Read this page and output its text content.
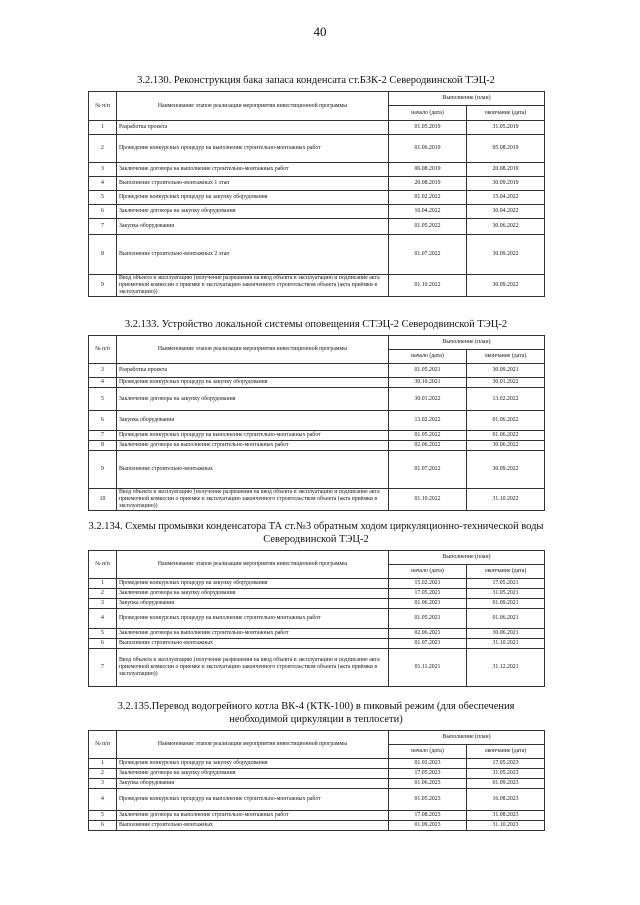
40
3.2.130. Реконструкция бака запаса конденсата ст.БЗК-2 Северодвинской ТЭЦ-2
№ п/п	Наименование этапов реализации мероприятия инвестиционной программы	Выполнение (план)	
		начало (дата)	окончание (дата)
1	Разработка проекта	01.05.2019	31.05.2019
2	Проведение конкурсных процедур на выполнение строительно-монтажных работ	01.06.2019	05.08.2019
3	Заключение договора на выполнение строительно-монтажных работ	06.08.2019	20.08.2019
4	Выполнение строительно-монтажных 1 этап	20.08.2019	30.09.2019
5	Проведение конкурсных процедур на закупку оборудования	01.02.2022	15.04.2022
6	Заключение договора на закупку оборудования	16.04.2022	30.04.2022
7	Закупка оборудования	01.05.2022	30.06.2022
8	Выполнение строительно-монтажных 2 этап	01.07.2022	30.09.2022
9	Ввод объекта в эксплуатацию (получение разрешения на ввод объекта в эксплуатацию и подписание акта приемочной комиссии о приемке в эксплуатацию законченного строительством объекта (акта приёмки в эксплуатацию))	01.10.2022	30.09.2022
3.2.133. Устройство локальной системы оповещения СТЭЦ-2 Северодвинской ТЭЦ-2
№ п/п	Наименование этапов реализации мероприятия инвестиционной программы	Выполнение (план)	
		начало (дата)	окончание (дата)
3	Разработка проекта	01.05.2021	30.09.2021
4	Проведение конкурсных процедур на закупку оборудования	30.10.2021	30.01.2022
5	Заключение договора на закупку оборудования	30.01.2022	13.02.2022
6	Закупка оборудования	13.02.2022	01.06.2022
7	Проведение конкурсных процедур на выполнение строительно-монтажных работ	01.05.2022	01.06.2022
8	Заключение договора на выполнение строительно-монтажных работ	02.06.2022	30.06.2022
9	Выполнение строительно-монтажных	01.07.2022	30.09.2022
10	Ввод объекта в эксплуатацию (получение разрешения на ввод объекта в эксплуатацию и подписание акта приемочной комиссии о приемке в эксплуатацию законченного строительством объекта (акта приёмки в эксплуатацию))	01.10.2022	31.10.2022
3.2.134. Схемы промывки конденсатора ТА ст.№3 обратным ходом циркуляционно-технической воды Северодвинской ТЭЦ-2
№ п/п	Наименование этапов реализации мероприятия инвестиционной программы	Выполнение (план)	
		начало (дата)	окончание (дата)
1	Проведение конкурсных процедур на закупку оборудования	15.02.2021	17.05.2021
2	Заключение договора на закупку оборудования	17.05.2021	31.05.2021
3	Закупка оборудования	01.06.2021	01.09.2021
4	Проведение конкурсных процедур на выполнение строительно-монтажных работ	01.05.2021	01.06.2021
5	Заключение договора на выполнение строительно-монтажных работ	02.06.2021	30.06.2021
6	Выполнение строительно-монтажных	01.07.2021	31.10.2021
7	Ввод объекта в эксплуатацию (получение разрешения на ввод объекта в эксплуатацию и подписание акта приемочной комиссии о приемке в эксплуатацию законченного строительством объекта (акта приёмки в эксплуатацию))	01.11.2021	31.12.2021
3.2.135.Перевод водогрейного котла ВК-4 (КТК-100) в пиковый режим (для обеспечения необходимой циркуляции в теплосети)
№ п/п	Наименование этапов реализации мероприятия инвестиционной программы	Выполнение (план)	
		начало (дата)	окончание (дата)
1	Проведение конкурсных процедур на закупку оборудования	01.03.2023	17.05.2023
2	Заключение договора на закупку оборудования	17.05.2023	31.05.2023
3	Закупка оборудования	01.06.2023	01.09.2023
4	Проведение конкурсных процедур на выполнение строительно-монтажных работ	01.05.2023	16.08.2023
5	Заключение договора на выполнение строительно-монтажных работ	17.08.2023	31.08.2023
6	Выполнение строительно-монтажных	01.09.2023	31.10.2023
